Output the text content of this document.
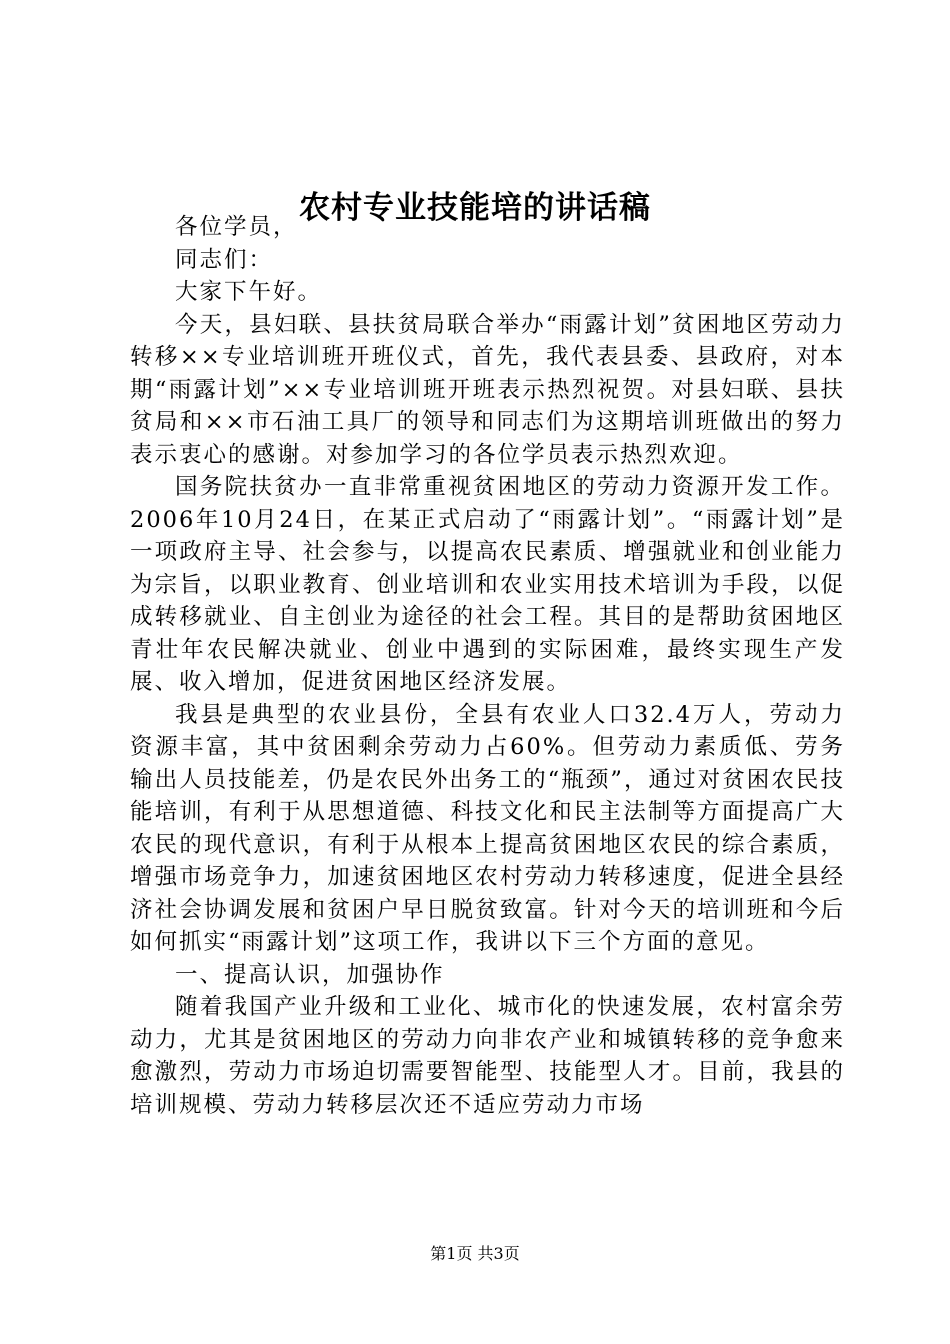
农村专业技能培的讲话稿

各位学员，

同志们：

大家下午好。

今天，县妇联、县扶贫局联合举办“雨露计划”贫困地区劳动力转移××专业培训班开班仪式，首先，我代表县委、县政府，对本期“雨露计划”××专业培训班开班表示热烈祝贺。对县妇联、县扶贫局和××市石油工具厂的领导和同志们为这期培训班做出的努力表示衷心的感谢。对参加学习的各位学员表示热烈欢迎。

国务院扶贫办一直非常重视贫困地区的劳动力资源开发工作。2006年10月24日，在某正式启动了“雨露计划”。“雨露计划”是一项政府主导、社会参与，以提高农民素质、增强就业和创业能力为宗旨，以职业教育、创业培训和农业实用技术培训为手段，以促成转移就业、自主创业为途径的社会工程。其目的是帮助贫困地区青壮年农民解决就业、创业中遇到的实际困难，最终实现生产发展、收入增加，促进贫困地区经济发展。

我县是典型的农业县份，全县有农业人口32.4万人，劳动力资源丰富，其中贫困剩余劳动力占60%。但劳动力素质低、劳务输出人员技能差，仍是农民外出务工的“瓶颈”，通过对贫困农民技能培训，有利于从思想道德、科技文化和民主法制等方面提高广大农民的现代意识，有利于从根本上提高贫困地区农民的综合素质，增强市场竞争力，加速贫困地区农村劳动力转移速度，促进全县经济社会协调发展和贫困户早日脱贫致富。针对今天的培训班和今后如何抓实“雨露计划”这项工作，我讲以下三个方面的意见。

一、提高认识，加强协作

随着我国产业升级和工业化、城市化的快速发展，农村富余劳动力，尤其是贫困地区的劳动力向非农产业和城镇转移的竞争愈来愈激烈，劳动力市场迫切需要智能型、技能型人才。目前，我县的培训规模、劳动力转移层次还不适应劳动力市场

第1页 共3页
